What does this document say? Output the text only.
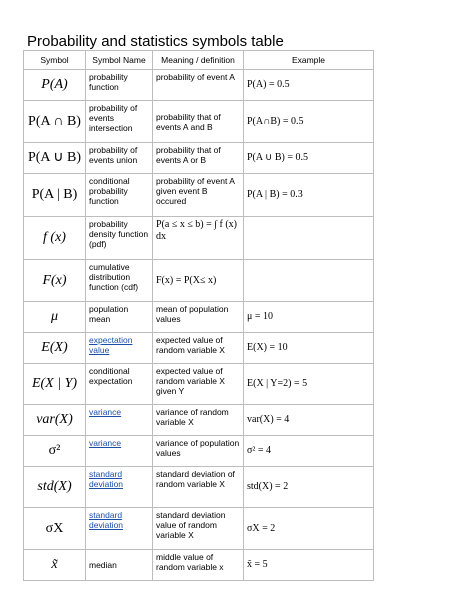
Probability and statistics symbols table
Symbol	Symbol Name	Meaning / definition	Example
P(A)	probability function	probability of event A	P(A) = 0.5
P(A ∩ B)	probability of events intersection	probability that of events A and B	P(A∩B) = 0.5
P(A ∪ B)	probability of events union	probability that of events A or B	P(A ∪ B) = 0.5
P(A | B)	conditional probability function	probability of event A given event B occured	P(A | B) = 0.3
f (x)	probability density function (pdf)	P(a ≤ x ≤ b) = ∫ f (x) dx	
F(x)	cumulative distribution function (cdf)	F(x) = P(X≤ x)	
μ	population mean	mean of population values	μ = 10
E(X)	expectation value	expected value of random variable X	E(X) = 10
E(X | Y)	conditional expectation	expected value of random variable X given Y	E(X | Y=2) = 5
var(X)	variance	variance of random variable X	var(X) = 4
σ²	variance	variance of population values	σ² = 4
std(X)	standard deviation	standard deviation of random variable X	std(X) = 2
σX	standard deviation	standard deviation value of random variable X	σX = 2
x̃	median	middle value of random variable x	x̃ = 5
